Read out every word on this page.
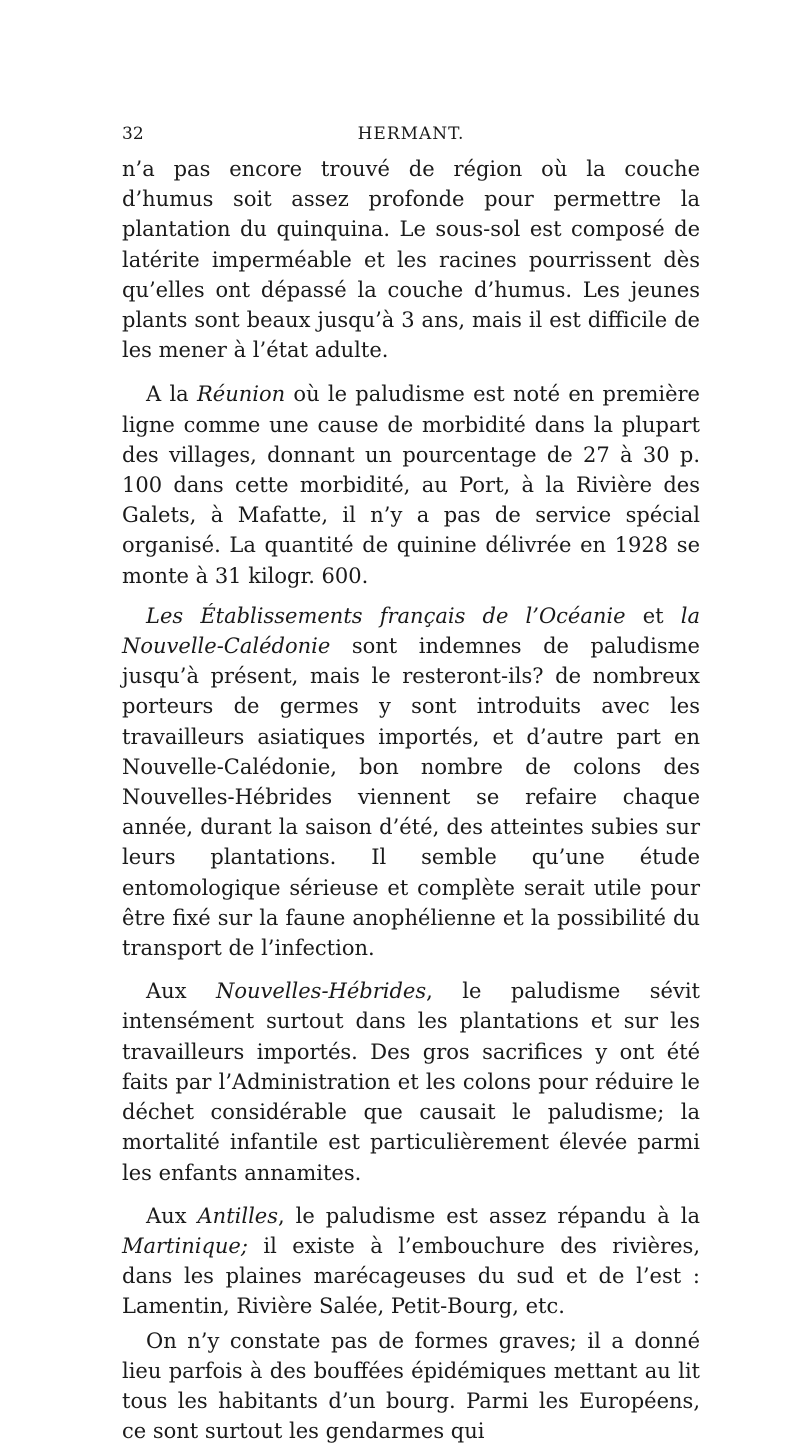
32	HERMANT.

n’a pas encore trouvé de région où la couche d’humus soit assez profonde pour permettre la plantation du quinquina. Le sous-sol est composé de latérite imperméable et les racines pourrissent dès qu’elles ont dépassé la couche d’humus. Les jeunes plants sont beaux jusqu’à 3 ans, mais il est difficile de les mener à l’état adulte.

A la Réunion où le paludisme est noté en première ligne comme une cause de morbidité dans la plupart des villages, donnant un pourcentage de 27 à 30 p. 100 dans cette morbidité, au Port, à la Rivière des Galets, à Mafatte, il n’y a pas de service spécial organisé. La quantité de quinine délivrée en 1928 se monte à 31 kilogr. 600.

Les Établissements français de l’Océanie et la Nouvelle-Calédonie sont indemnes de paludisme jusqu’à présent, mais le resteront-ils? de nombreux porteurs de germes y sont introduits avec les travailleurs asiatiques importés, et d’autre part en Nouvelle-Calédonie, bon nombre de colons des Nouvelles-Hébrides viennent se refaire chaque année, durant la saison d’été, des atteintes subies sur leurs plantations. Il semble qu’une étude entomologique sérieuse et complète serait utile pour être fixé sur la faune anophélienne et la possibilité du transport de l’infection.

Aux Nouvelles-Hébrides, le paludisme sévit intensément surtout dans les plantations et sur les travailleurs importés. Des gros sacrifices y ont été faits par l’Administration et les colons pour réduire le déchet considérable que causait le paludisme; la mortalité infantile est particulièrement élevée parmi les enfants annamites.

Aux Antilles, le paludisme est assez répandu à la Martinique; il existe à l’embouchure des rivières, dans les plaines marécageuses du sud et de l’est : Lamentin, Rivière Salée, Petit-Bourg, etc.

On n’y constate pas de formes graves; il a donné lieu parfois à des bouffées épidémiques mettant au lit tous les habitants d’un bourg. Parmi les Européens, ce sont surtout les gendarmes qui
